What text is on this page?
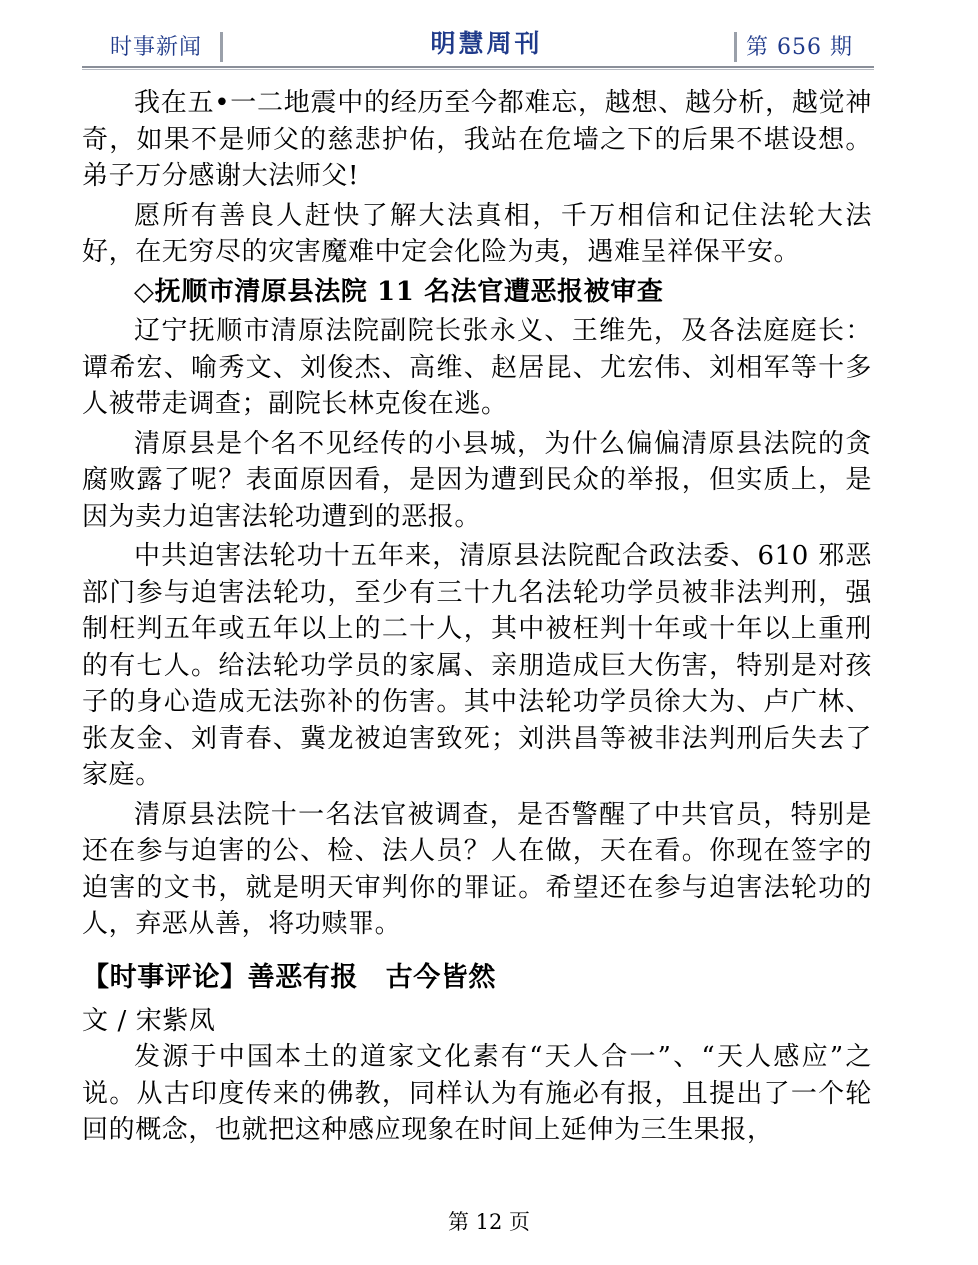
时事新闻	明慧周刊	第 656 期

我在五•一二地震中的经历至今都难忘，越想、越分析，越觉神奇，如果不是师父的慈悲护佑，我站在危墙之下的后果不堪设想。弟子万分感谢大法师父!

愿所有善良人赶快了解大法真相，千万相信和记住法轮大法好，在无穷尽的灾害魔难中定会化险为夷，遇难呈祥保平安。

◇抚顺市清原县法院 11 名法官遭恶报被审查

辽宁抚顺市清原法院副院长张永义、王维先，及各法庭庭长：谭希宏、喻秀文、刘俊杰、高维、赵居昆、尤宏伟、刘相军等十多人被带走调查；副院长林克俊在逃。

清原县是个名不见经传的小县城，为什么偏偏清原县法院的贪腐败露了呢？表面原因看，是因为遭到民众的举报，但实质上，是因为卖力迫害法轮功遭到的恶报。

中共迫害法轮功十五年来，清原县法院配合政法委、610 邪恶部门参与迫害法轮功，至少有三十九名法轮功学员被非法判刑，强制枉判五年或五年以上的二十人，其中被枉判十年或十年以上重刑的有七人。给法轮功学员的家属、亲朋造成巨大伤害，特别是对孩子的身心造成无法弥补的伤害。其中法轮功学员徐大为、卢广林、张友金、刘青春、冀龙被迫害致死；刘洪昌等被非法判刑后失去了家庭。

清原县法院十一名法官被调查，是否警醒了中共官员，特别是还在参与迫害的公、检、法人员？人在做，天在看。你现在签字的迫害的文书，就是明天审判你的罪证。希望还在参与迫害法轮功的人，弃恶从善，将功赎罪。

【时事评论】善恶有报　古今皆然
文 / 宋紫凤

发源于中国本土的道家文化素有“天人合一”、“天人感应”之说。从古印度传来的佛教，同样认为有施必有报，且提出了一个轮回的概念，也就把这种感应现象在时间上延伸为三生果报，

第 12 页
